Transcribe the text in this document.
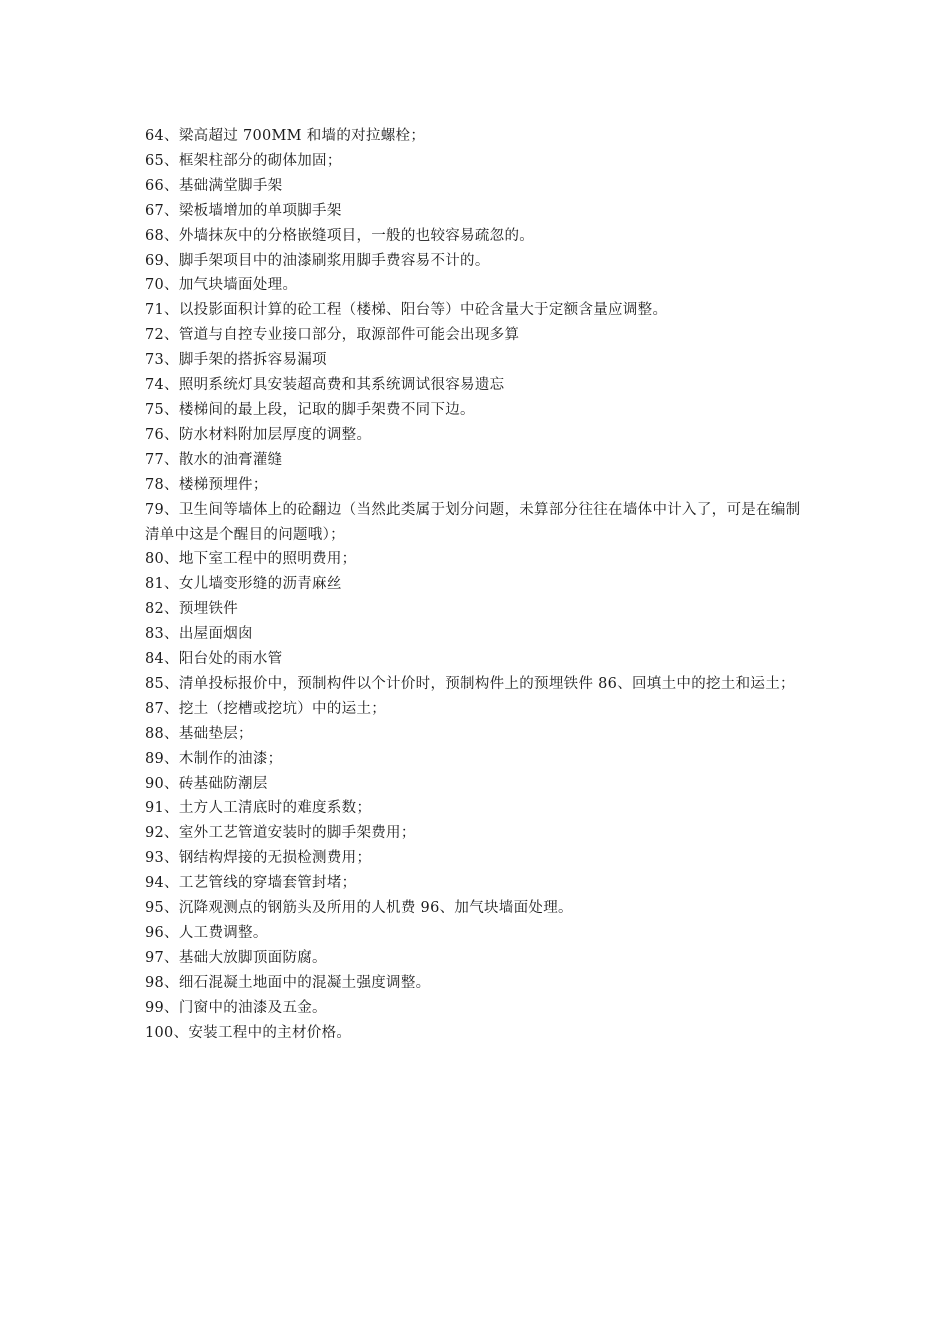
64、梁高超过 700MM 和墙的对拉螺栓；
65、框架柱部分的砌体加固；
66、基础满堂脚手架
67、梁板墙增加的单项脚手架
68、外墙抹灰中的分格嵌缝项目，一般的也较容易疏忽的。
69、脚手架项目中的油漆刷浆用脚手费容易不计的。
70、加气块墙面处理。
71、以投影面积计算的砼工程（楼梯、阳台等）中砼含量大于定额含量应调整。
72、管道与自控专业接口部分，取源部件可能会出现多算
73、脚手架的搭拆容易漏项
74、照明系统灯具安装超高费和其系统调试很容易遗忘
75、楼梯间的最上段，记取的脚手架费不同下边。
76、防水材料附加层厚度的调整。
77、散水的油膏灌缝
78、楼梯预埋件；
79、卫生间等墙体上的砼翻边（当然此类属于划分问题，未算部分往往在墙体中计入了，可是在编制清单中这是个醒目的问题哦）；
80、地下室工程中的照明费用；
81、女儿墙变形缝的沥青麻丝
82、预埋铁件
83、出屋面烟囱
84、阳台处的雨水管
85、清单投标报价中，预制构件以个计价时，预制构件上的预埋铁件 86、回填土中的挖土和运土；
87、挖土（挖槽或挖坑）中的运土；
88、基础垫层；
89、木制作的油漆；
90、砖基础防潮层
91、土方人工清底时的难度系数；
92、室外工艺管道安装时的脚手架费用；
93、钢结构焊接的无损检测费用；
94、工艺管线的穿墙套管封堵；
95、沉降观测点的钢筋头及所用的人机费 96、加气块墙面处理。
96、人工费调整。
97、基础大放脚顶面防腐。
98、细石混凝土地面中的混凝土强度调整。
99、门窗中的油漆及五金。
100、安装工程中的主材价格。
